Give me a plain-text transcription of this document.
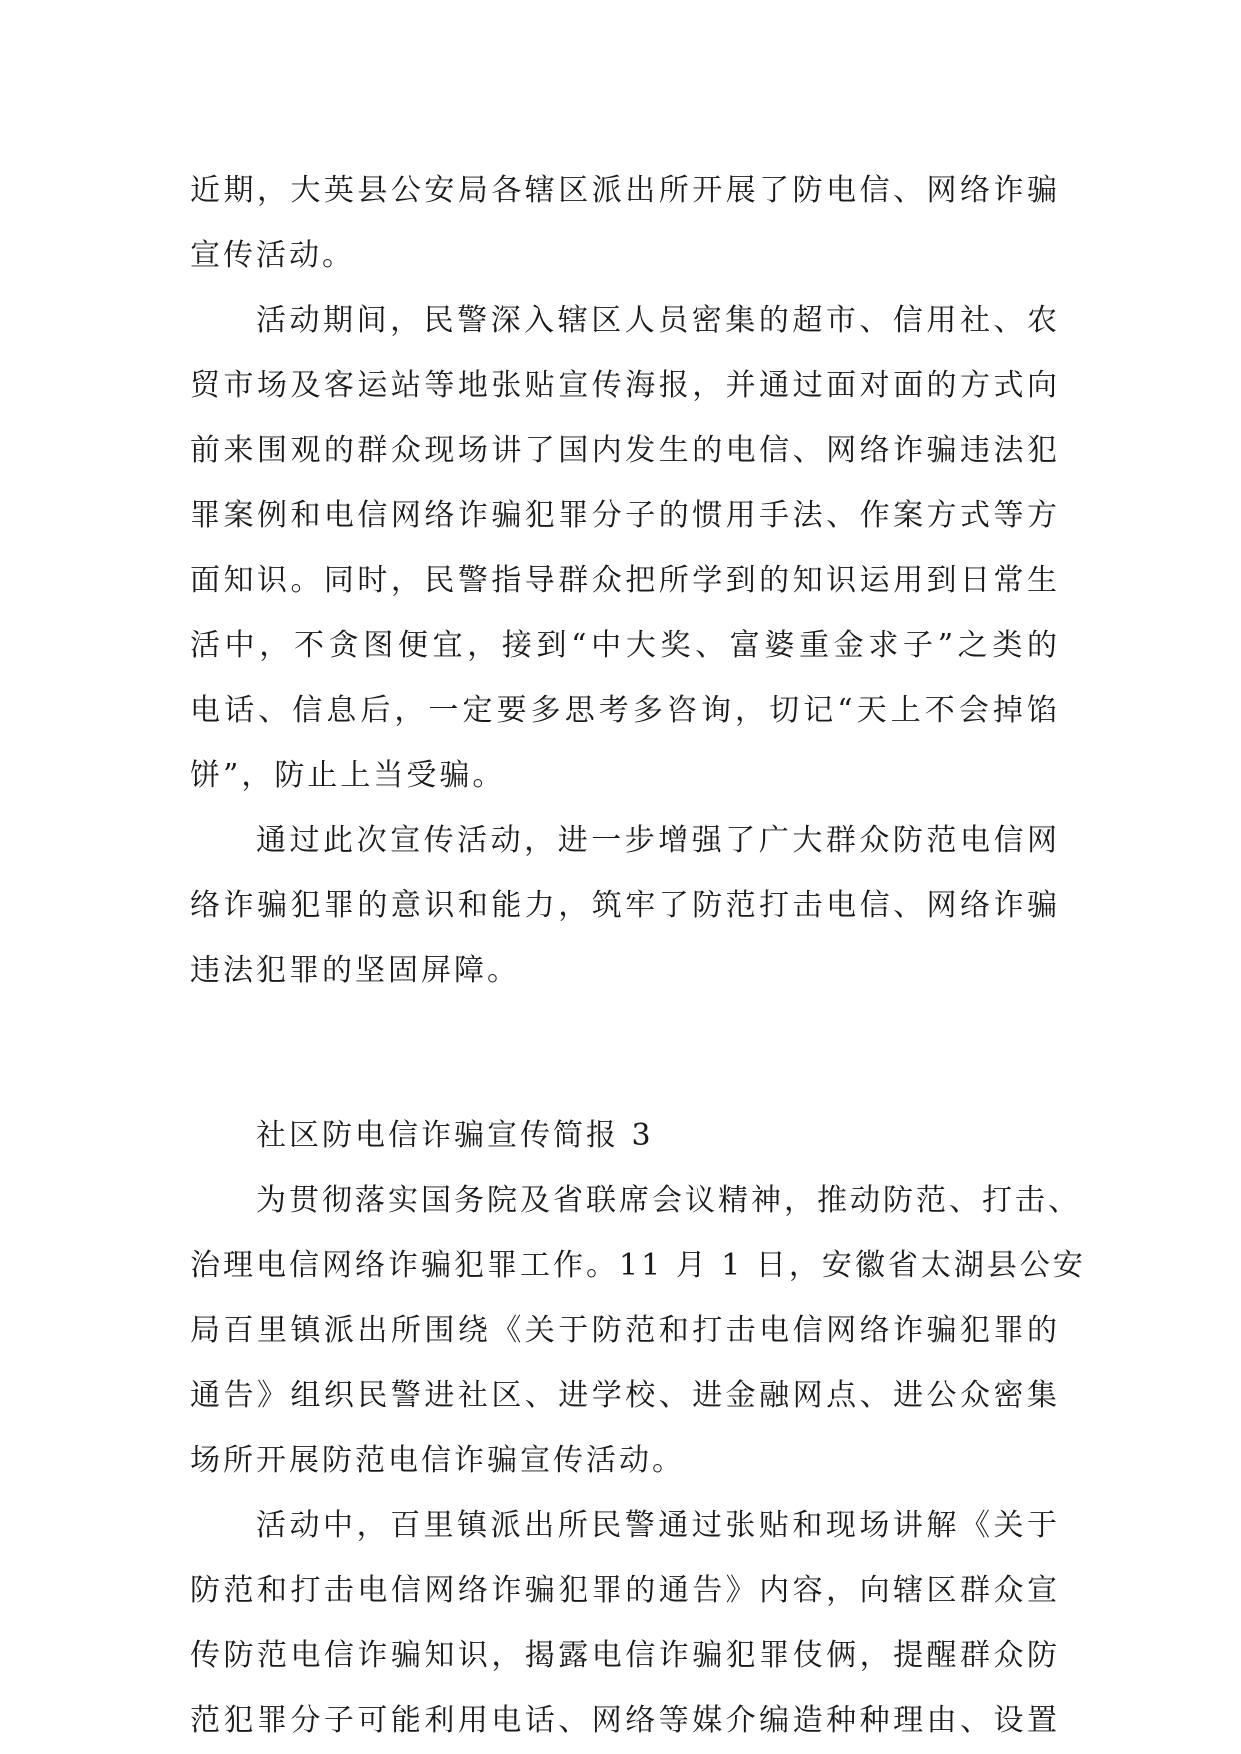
近期，大英县公安局各辖区派出所开展了防电信、网络诈骗
宣传活动。
活动期间，民警深入辖区人员密集的超市、信用社、农
贸市场及客运站等地张贴宣传海报，并通过面对面的方式向
前来围观的群众现场讲了国内发生的电信、网络诈骗违法犯
罪案例和电信网络诈骗犯罪分子的惯用手法、作案方式等方
面知识。同时，民警指导群众把所学到的知识运用到日常生
活中，不贪图便宜，接到“中大奖、富婆重金求子”之类的
电话、信息后，一定要多思考多咨询，切记“天上不会掉馅
饼”，防止上当受骗。
通过此次宣传活动，进一步增强了广大群众防范电信网
络诈骗犯罪的意识和能力，筑牢了防范打击电信、网络诈骗
违法犯罪的坚固屏障。
社区防电信诈骗宣传简报 3
为贯彻落实国务院及省联席会议精神，推动防范、打击、
治理电信网络诈骗犯罪工作。11 月 1 日，安徽省太湖县公安
局百里镇派出所围绕《关于防范和打击电信网络诈骗犯罪的
通告》组织民警进社区、进学校、进金融网点、进公众密集
场所开展防范电信诈骗宣传活动。
活动中，百里镇派出所民警通过张贴和现场讲解《关于
防范和打击电信网络诈骗犯罪的通告》内容，向辖区群众宣
传防范电信诈骗知识，揭露电信诈骗犯罪伎俩，提醒群众防
范犯罪分子可能利用电话、网络等媒介编造种种理由、设置
